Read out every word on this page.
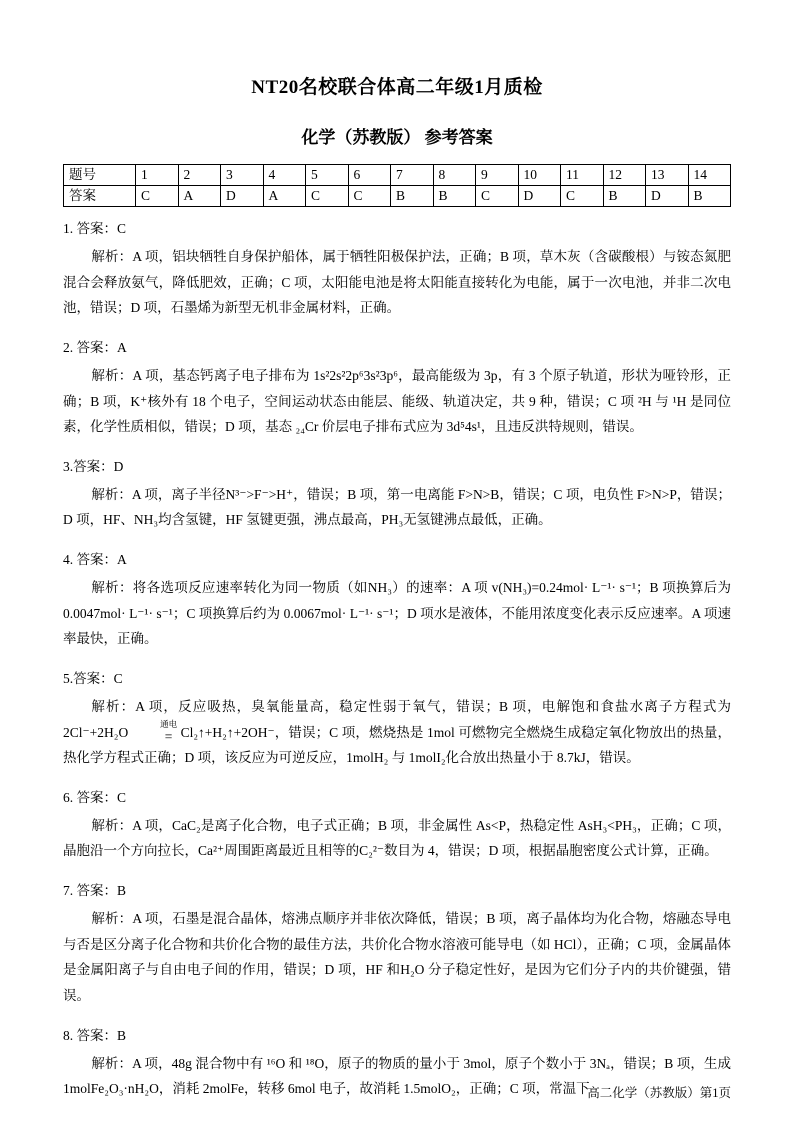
NT20名校联合体高二年级1月质检
化学（苏教版） 参考答案
题号	1	2	3	4	5	6	7	8	9	10	11	12	13	14
答案	C	A	D	A	C	C	B	B	C	D	C	B	D	B

1. 答案：C

解析：A 项，铝块牺牲自身保护船体，属于牺牲阳极保护法，正确；B 项，草木灰（含碳酸根）与铵态氮肥混合会释放氨气，降低肥效，正确；C 项，太阳能电池是将太阳能直接转化为电能，属于一次电池，并非二次电池，错误；D 项，石墨烯为新型无机非金属材料，正确。

2. 答案：A

解析：A 项，基态钙离子电子排布为 1s²2s²2p⁶3s²3p⁶，最高能级为 3p，有 3 个原子轨道，形状为哑铃形，正确；B 项，K⁺核外有 18 个电子，空间运动状态由能层、能级、轨道决定，共 9 种，错误；C 项 ²H 与 ¹H 是同位素，化学性质相似，错误；D 项，基态 ₂₄Cr 价层电子排布式应为 3d⁵4s¹，且违反洪特规则，错误。

3.答案：D

解析：A 项，离子半径N³⁻>F⁻>H⁺，错误；B 项，第一电离能 F>N>B，错误；C 项，电负性 F>N>P，错误；D 项，HF、NH₃均含氢键，HF 氢键更强，沸点最高，PH₃无氢键沸点最低，正确。

4. 答案：A

解析：将各选项反应速率转化为同一物质（如NH₃）的速率：A 项 v(NH₃)=0.24mol· L⁻¹· s⁻¹；B 项换算后为 0.0047mol· L⁻¹· s⁻¹；C 项换算后约为 0.0067mol· L⁻¹· s⁻¹；D 项水是液体，不能用浓度变化表示反应速率。A 项速率最快，正确。

5.答案：C

解析：A 项，反应吸热，臭氧能量高，稳定性弱于氧气，错误；B 项，电解饱和食盐水离子方程式为 2Cl⁻+2H₂O
通电
= Cl₂↑+H₂↑+2OH⁻，错误；C 项，燃烧热是 1mol 可燃物完全燃烧生成稳定氧化物放出的热量，热化学方程式正确；D 项，该反应为可逆反应，1molH₂ 与 1molI₂化合放出热量小于 8.7kJ，错误。

6. 答案：C

解析：A 项，CaC₂是离子化合物，电子式正确；B 项，非金属性 As<P，热稳定性 AsH₃<PH₃，正确；C 项，晶胞沿一个方向拉长，Ca²⁺周围距离最近且相等的C₂²⁻数目为 4，错误；D 项，根据晶胞密度公式计算，正确。

7. 答案：B

解析：A 项，石墨是混合晶体，熔沸点顺序并非依次降低，错误；B 项，离子晶体均为化合物，熔融态导电与否是区分离子化合物和共价化合物的最佳方法，共价化合物水溶液可能导电（如 HCl），正确；C 项，金属晶体是金属阳离子与自由电子间的作用，错误；D 项，HF 和H₂O 分子稳定性好，是因为它们分子内的共价键强，错误。

8. 答案：B

解析：A 项，48g 混合物中有 ¹⁶O 和 ¹⁸O，原子的物质的量小于 3mol，原子个数小于 3Nₐ，错误；B 项，生成 1molFe₂O₃·nH₂O，消耗 2molFe，转移 6mol 电子，故消耗 1.5molO₂，正确；C 项，常温下

高二化学（苏教版）第1页
